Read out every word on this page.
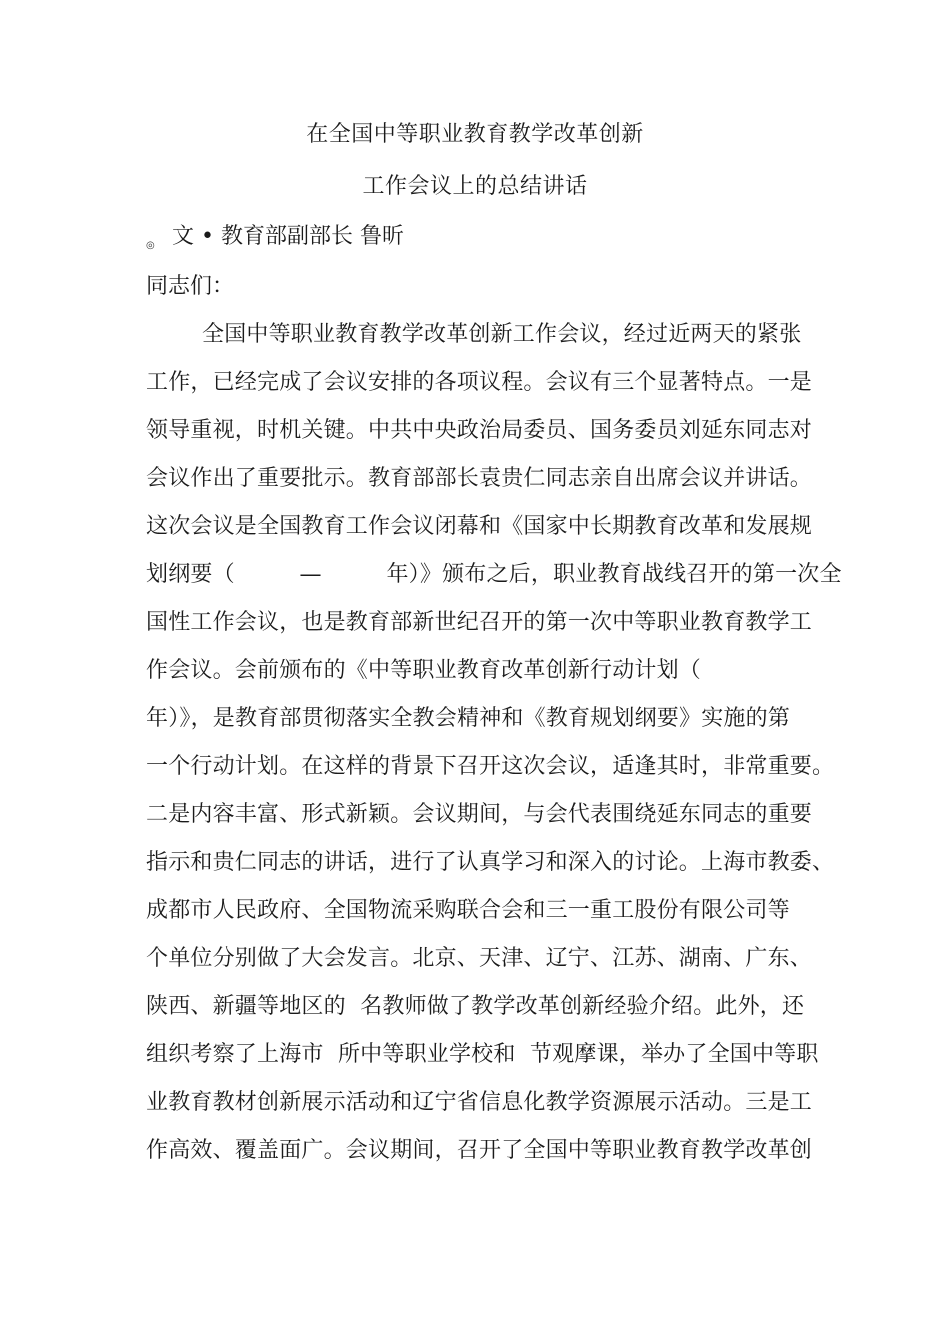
在全国中等职业教育教学改革创新
工作会议上的总结讲话
◎ 文 • 教育部副部长 鲁昕
同志们：
全国中等职业教育教学改革创新工作会议，经过近两天的紧张
工作，已经完成了会议安排的各项议程。会议有三个显著特点。一是
领导重视，时机关键。中共中央政治局委员、国务委员刘延东同志对
会议作出了重要批示。教育部部长袁贵仁同志亲自出席会议并讲话。
这次会议是全国教育工作会议闭幕和《国家中长期教育改革和发展规
划纲要（         —         年）》颁布之后，职业教育战线召开的第一次全
国性工作会议，也是教育部新世纪召开的第一次中等职业教育教学工
作会议。会前颁布的《中等职业教育改革创新行动计划（
年）》，是教育部贯彻落实全教会精神和《教育规划纲要》实施的第
一个行动计划。在这样的背景下召开这次会议，适逢其时，非常重要。
二是内容丰富、形式新颖。会议期间，与会代表围绕延东同志的重要
指示和贵仁同志的讲话，进行了认真学习和深入的讨论。上海市教委、
成都市人民政府、全国物流采购联合会和三一重工股份有限公司等
个单位分别做了大会发言。北京、天津、辽宁、江苏、湖南、广东、
陕西、新疆等地区的  名教师做了教学改革创新经验介绍。此外，还
组织考察了上海市  所中等职业学校和  节观摩课，举办了全国中等职
业教育教材创新展示活动和辽宁省信息化教学资源展示活动。三是工
作高效、覆盖面广。会议期间，召开了全国中等职业教育教学改革创
